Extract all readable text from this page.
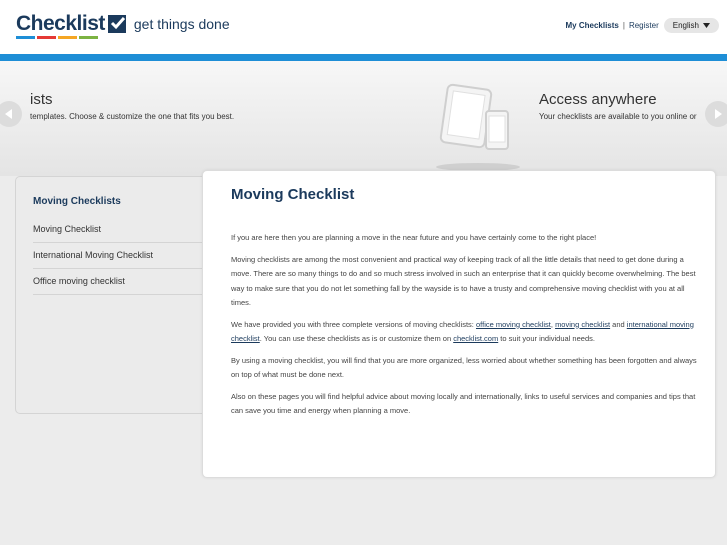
Checklist get things done	My Checklists | Register English
ists
templates. Choose & customize the one that fits you best.
Access anywhere
Your checklists are available to you online or
Moving Checklists
Moving Checklist
International Moving Checklist
Office moving checklist
Moving Checklist

If you are here then you are planning a move in the near future and you have certainly come to the right place!

Moving checklists are among the most convenient and practical way of keeping track of all the little details that need to get done during a move. There are so many things to do and so much stress involved in such an enterprise that it can quickly become overwhelming. The best way to make sure that you do not let something fall by the wayside is to have a trusty and comprehensive moving checklist with you at all times.

We have provided you with three complete versions of moving checklists: office moving checklist, moving checklist and international moving checklist. You can use these checklists as is or customize them on checklist.com to suit your individual needs.

By using a moving checklist, you will find that you are more organized, less worried about whether something has been forgotten and always on top of what must be done next.

Also on these pages you will find helpful advice about moving locally and internationally, links to useful services and companies and tips that can save you time and energy when planning a move.
